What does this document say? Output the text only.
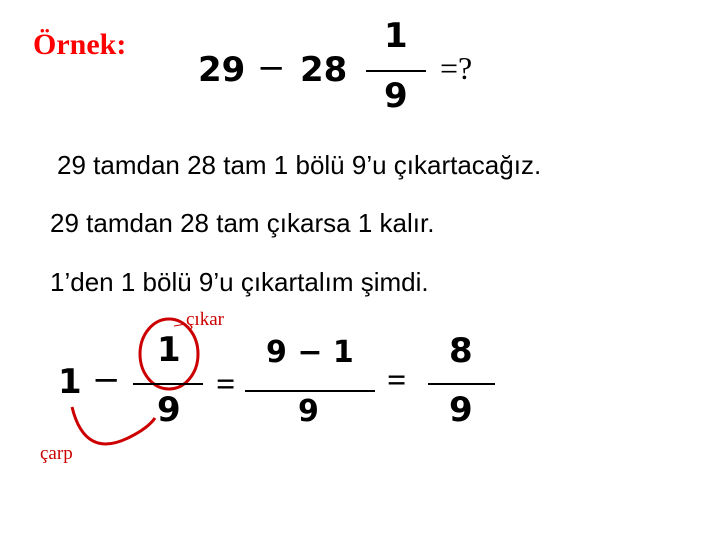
Örnek:
29 − 28
1
9
=?
29 tamdan 28 tam 1 bölü 9’u çıkartacağız.
29 tamdan 28 tam çıkarsa 1 kalır.
1’den 1 bölü 9’u çıkartalım şimdi.
çıkar
1 −
1
9
=
9 − 1
9
=
8
9
çarp
